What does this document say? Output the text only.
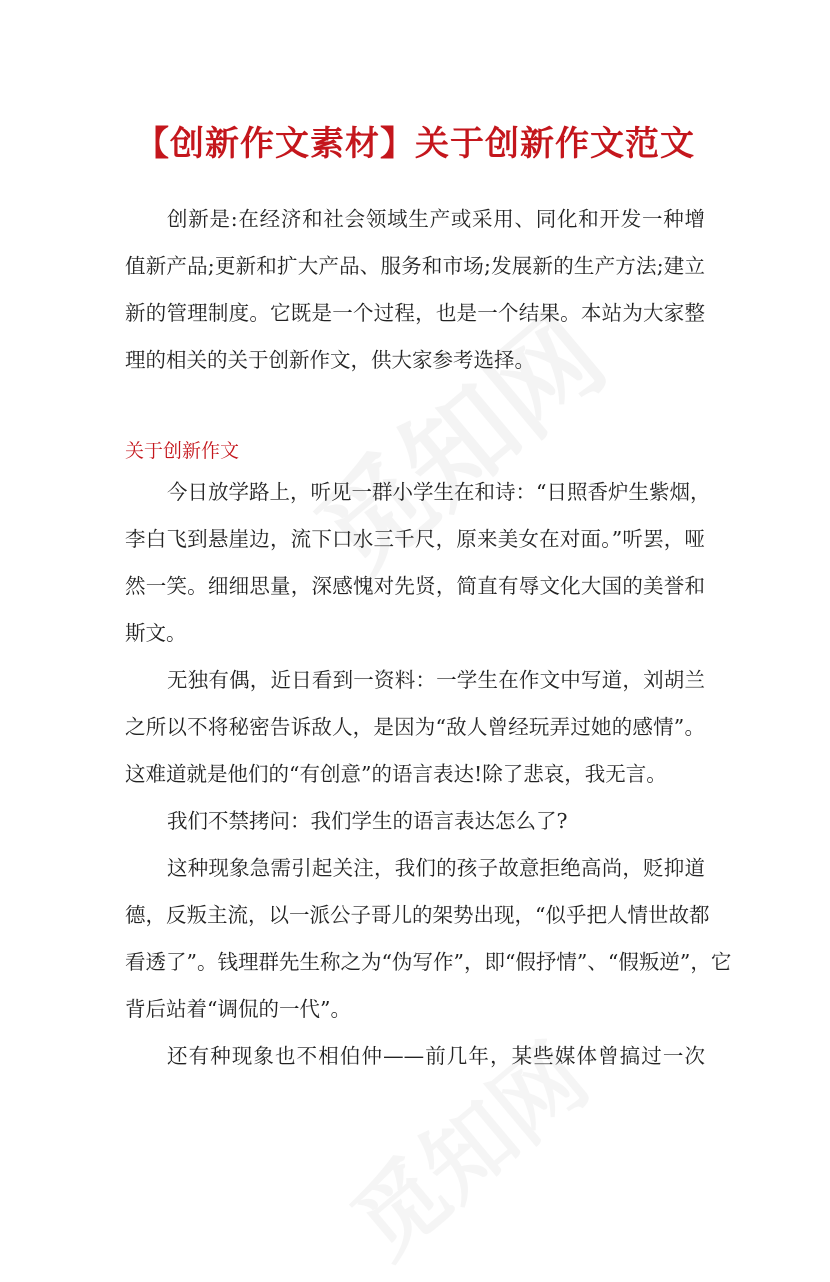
【创新作文素材】关于创新作文范文
创新是:在经济和社会领域生产或采用、同化和开发一种增
值新产品;更新和扩大产品、服务和市场;发展新的生产方法;建立
新的管理制度。它既是一个过程，也是一个结果。本站为大家整
理的相关的关于创新作文，供大家参考选择。
关于创新作文
今日放学路上，听见一群小学生在和诗：“日照香炉生紫烟，
李白飞到悬崖边，流下口水三千尺，原来美女在对面。”听罢，哑
然一笑。细细思量，深感愧对先贤，简直有辱文化大国的美誉和
斯文。
无独有偶，近日看到一资料：一学生在作文中写道，刘胡兰
之所以不将秘密告诉敌人，是因为“敌人曾经玩弄过她的感情”。
这难道就是他们的“有创意”的语言表达!除了悲哀，我无言。
我们不禁拷问：我们学生的语言表达怎么了?
这种现象急需引起关注，我们的孩子故意拒绝高尚，贬抑道
德，反叛主流，以一派公子哥儿的架势出现，“似乎把人情世故都
看透了”。钱理群先生称之为“伪写作”，即“假抒情”、“假叛逆”，它
背后站着“调侃的一代”。
还有种现象也不相伯仲——前几年，某些媒体曾搞过一次
